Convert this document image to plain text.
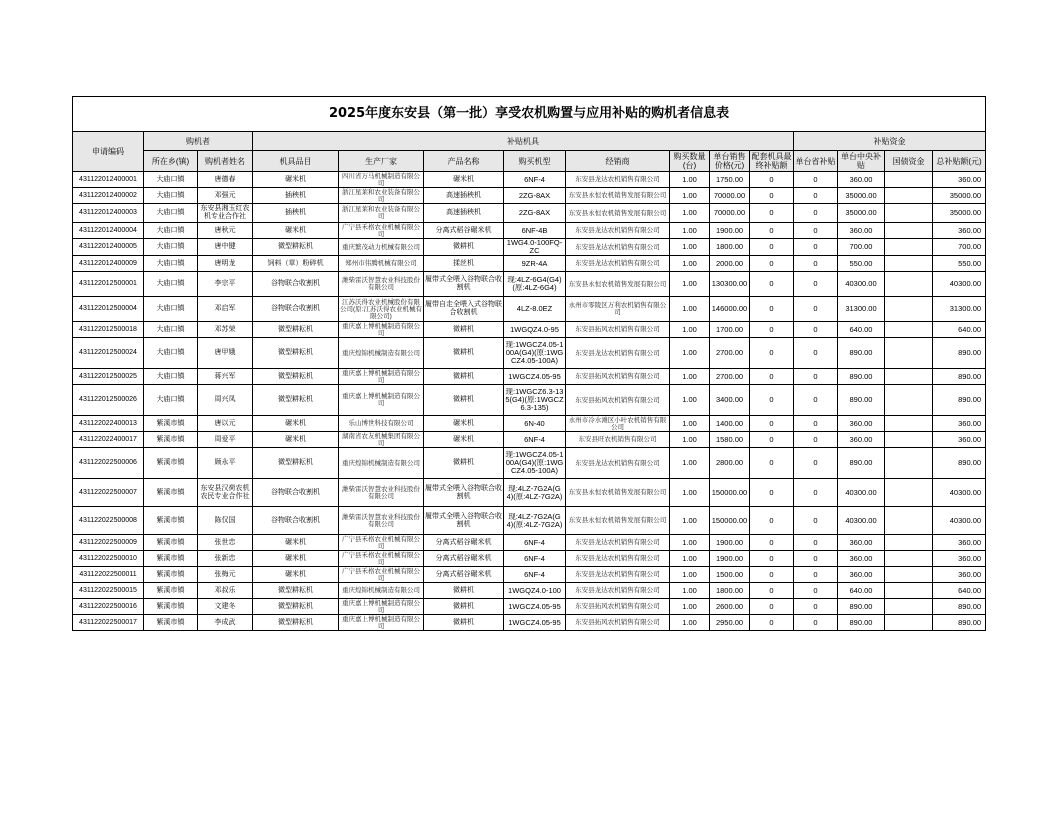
2025年度东安县（第一批）享受农机购置与应用补贴的购机者信息表														
申请编码	购机者		补贴机具								补贴资金			
	所在乡(镇)	购机者姓名	机具品目	生产厂家	产品名称	购买机型	经销商	购买数量(台)	单台销售价格(元)	配套机具最终补贴额	单台省补贴	单台中央补贴	国债资金	总补贴额(元)
431122012400001	大庙口镇	唐德春	碾米机	四川省万马机械制造有限公司	碾米机	6NF-4	东安县龙达农机销售有限公司	1.00	1750.00	0	0	360.00		360.00
431122012400002	大庙口镇	邓强元	插秧机	浙江星莱和农业装备有限公司	高速插秧机	2ZG-8AX	东安县永恒农机销售发展有限公司	1.00	70000.00	0	0	35000.00		35000.00
431122012400003	大庙口镇	东安县湘玉红农机专业合作社	插秧机	浙江星莱和农业装备有限公司	高速插秧机	2ZG-8AX	东安县永恒农机销售发展有限公司	1.00	70000.00	0	0	35000.00		35000.00
431122012400004	大庙口镇	唐秋元	碾米机	广宁县禾格农业机械有限公司	分离式稻谷碾米机	6NF-4B	东安县龙达农机销售有限公司	1.00	1900.00	0	0	360.00		360.00
431122012400005	大庙口镇	唐中键	微型耕耘机	重庆繁茂动力机械有限公司	微耕机	1WG4.0-100FQ-ZC	东安县龙达农机销售有限公司	1.00	1800.00	0	0	700.00		700.00
431122012400009	大庙口镇	唐明龙	饲料（草）粉碎机	郑州市伟腾机械有限公司	揉丝机	9ZR-4A	东安县龙达农机销售有限公司	1.00	2000.00	0	0	550.00		550.00
431122012500001	大庙口镇	李宗平	谷物联合收割机	潍柴雷沃智慧农业科技股份有限公司	履带式全喂入谷物联合收割机	现:4LZ-6G4(G4)(原:4LZ-6G4)	东安县永恒农机销售发展有限公司	1.00	130300.00	0	0	40300.00		40300.00
431122012500004	大庙口镇	邓启军	谷物联合收割机	江苏沃得农业机械股份有限公司(原:江苏沃得农业机械有限公司)	履带自走全喂入式谷物联合收割机	4LZ-8.0EZ	永州市零陵区万利农机销售有限公司	1.00	146000.00	0	0	31300.00		31300.00
431122012500018	大庙口镇	邓苏荣	微型耕耘机	重庆嘉上博机械制造有限公司	微耕机	1WGQZ4.0-95	东安县拓风农机销售有限公司	1.00	1700.00	0	0	640.00		640.00
431122012500024	大庙口镇	唐甲娥	微型耕耘机	重庆煌锦机械制造有限公司	微耕机	现:1WGCZ4.05-100A(G4)(原:1WGCZ4.05-100A)	东安县龙达农机销售有限公司	1.00	2700.00	0	0	890.00		890.00
431122012500025	大庙口镇	蒋兴军	微型耕耘机	重庆嘉上博机械制造有限公司	微耕机	1WGCZ4.05-95	东安县拓风农机销售有限公司	1.00	2700.00	0	0	890.00		890.00
431122012500026	大庙口镇	周兴凤	微型耕耘机	重庆嘉上博机械制造有限公司	微耕机	现:1WGCZ6.3-135(G4)(原:1WGCZ6.3-135)	东安县拓风农机销售有限公司	1.00	3400.00	0	0	890.00		890.00
431122022400013	紫溪市镇	唐以元	碾米机	乐山博世科技有限公司	碾米机	6N-40	永州市冷水滩区小叶农机销售有限公司	1.00	1400.00	0	0	360.00		360.00
431122022400017	紫溪市镇	周爱平	碾米机	湖南省农友机械集团有限公司	碾米机	6NF-4	东安县旺农机销售有限公司	1.00	1580.00	0	0	360.00		360.00
431122022500006	紫溪市镇	顾永平	微型耕耘机	重庆煌锦机械制造有限公司	微耕机	现:1WGCZ4.05-100A(G4)(原:1WGCZ4.05-100A)	东安县龙达农机销售有限公司	1.00	2800.00	0	0	890.00		890.00
431122022500007	紫溪市镇	东安县汉荷农机农民专业合作社	谷物联合收割机	潍柴雷沃智慧农业科技股份有限公司	履带式全喂入谷物联合收割机	现:4LZ-7G2A(G4)(原:4LZ-7G2A)	东安县永恒农机销售发展有限公司	1.00	150000.00	0	0	40300.00		40300.00
431122022500008	紫溪市镇	陈仅国	谷物联合收割机	潍柴雷沃智慧农业科技股份有限公司	履带式全喂入谷物联合收割机	现:4LZ-7G2A(G4)(原:4LZ-7G2A)	东安县永恒农机销售发展有限公司	1.00	150000.00	0	0	40300.00		40300.00
431122022500009	紫溪市镇	张世忠	碾米机	广宁县禾格农业机械有限公司	分离式稻谷碾米机	6NF-4	东安县龙达农机销售有限公司	1.00	1900.00	0	0	360.00		360.00
431122022500010	紫溪市镇	张新忠	碾米机	广宁县禾格农业机械有限公司	分离式稻谷碾米机	6NF-4	东安县龙达农机销售有限公司	1.00	1900.00	0	0	360.00		360.00
431122022500011	紫溪市镇	张梅元	碾米机	广宁县禾格农业机械有限公司	分离式稻谷碾米机	6NF-4	东安县龙达农机销售有限公司	1.00	1500.00	0	0	360.00		360.00
431122022500015	紫溪市镇	邓叔乐	微型耕耘机	重庆煌锦机械制造有限公司	微耕机	1WGQZ4.0-100	东安县龙达农机销售有限公司	1.00	1800.00	0	0	640.00		640.00
431122022500016	紫溪市镇	文建冬	微型耕耘机	重庆嘉上博机械制造有限公司	微耕机	1WGCZ4.05-95	东安县拓风农机销售有限公司	1.00	2600.00	0	0	890.00		890.00
431122022500017	紫溪市镇	李成武	微型耕耘机	重庆嘉上博机械制造有限公司	微耕机	1WGCZ4.05-95	东安县拓风农机销售有限公司	1.00	2950.00	0	0	890.00		890.00
